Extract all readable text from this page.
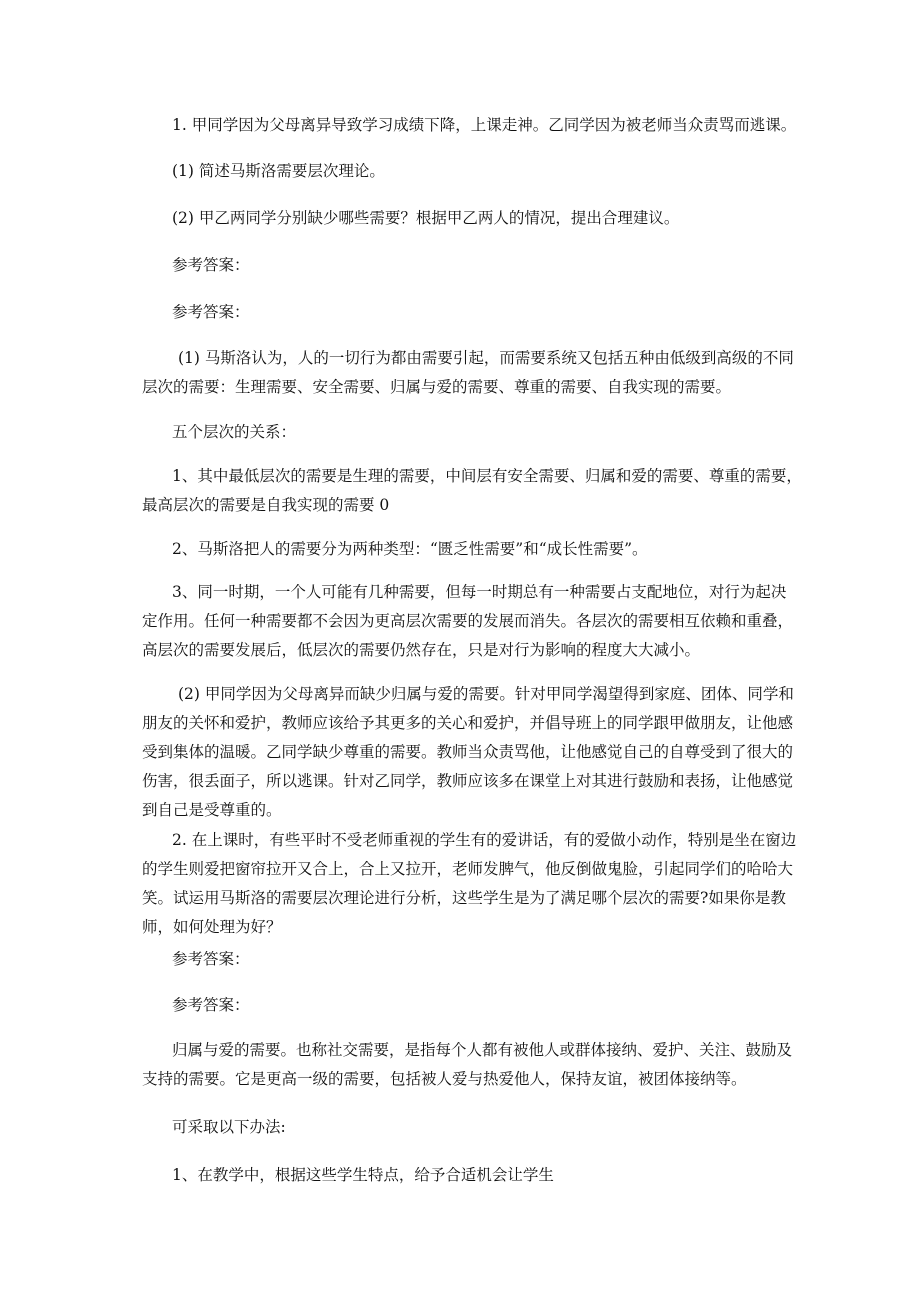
1. 甲同学因为父母离异导致学习成绩下降，上课走神。乙同学因为被老师当众责骂而逃课。
(1) 简述马斯洛需要层次理论。
(2) 甲乙两同学分别缺少哪些需要？根据甲乙两人的情况，提出合理建议。
参考答案：
参考答案：
(1) 马斯洛认为，人的一切行为都由需要引起，而需要系统又包括五种由低级到高级的不同
层次的需要：生理需要、安全需要、归属与爱的需要、尊重的需要、自我实现的需要。
五个层次的关系：
1、其中最低层次的需要是生理的需要，中间层有安全需要、归属和爱的需要、尊重的需要，
最高层次的需要是自我实现的需要 0
2、马斯洛把人的需要分为两种类型：“匮乏性需要”和“成长性需要”。
3、同一时期，一个人可能有几种需要，但每一时期总有一种需要占支配地位，对行为起决
定作用。任何一种需要都不会因为更高层次需要的发展而消失。各层次的需要相互依赖和重叠，
高层次的需要发展后，低层次的需要仍然存在，只是对行为影响的程度大大减小。
(2) 甲同学因为父母离异而缺少归属与爱的需要。针对甲同学渴望得到家庭、团体、同学和
朋友的关怀和爱护，教师应该给予其更多的关心和爱护，并倡导班上的同学跟甲做朋友，让他感
受到集体的温暖。乙同学缺少尊重的需要。教师当众责骂他，让他感觉自己的自尊受到了很大的
伤害，很丢面子，所以逃课。针对乙同学，教师应该多在课堂上对其进行鼓励和表扬，让他感觉
到自己是受尊重的。
2. 在上课时，有些平时不受老师重视的学生有的爱讲话，有的爱做小动作，特别是坐在窗边
的学生则爱把窗帘拉开又合上，合上又拉开，老师发脾气，他反倒做鬼脸，引起同学们的哈哈大
笑。试运用马斯洛的需要层次理论进行分析，这些学生是为了满足哪个层次的需要?如果你是教
师，如何处理为好？
参考答案：
参考答案：
归属与爱的需要。也称社交需要，是指每个人都有被他人或群体接纳、爱护、关注、鼓励及
支持的需要。它是更高一级的需要，包括被人爱与热爱他人，保持友谊，被团体接纳等。
可采取以下办法:
1、在教学中，根据这些学生特点，给予合适机会让学生
